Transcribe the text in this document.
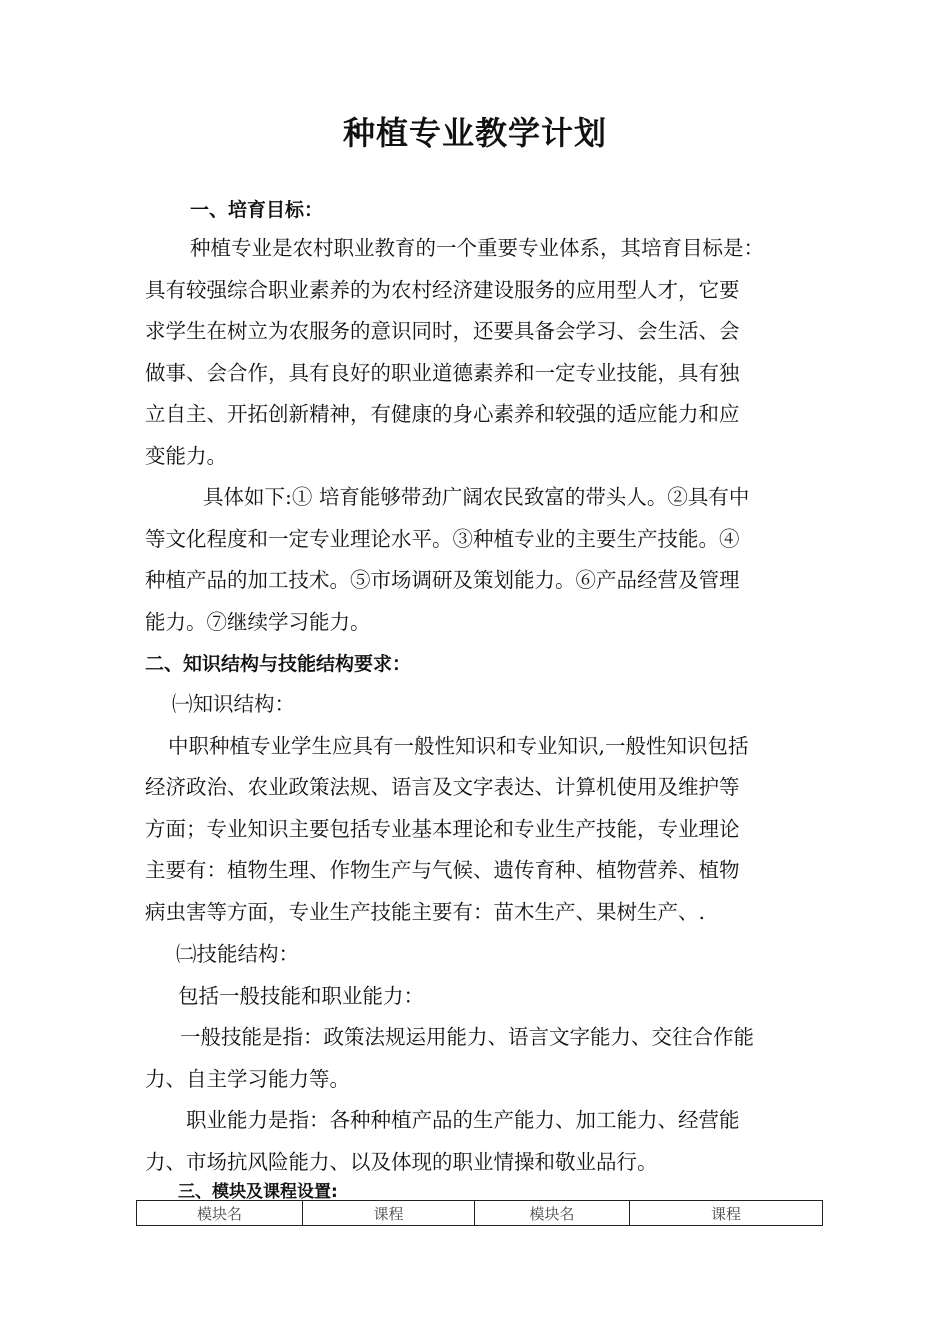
种植专业教学计划
一、培育目标：
种植专业是农村职业教育的一个重要专业体系，其培育目标是：
具有较强综合职业素养的为农村经济建设服务的应用型人才，它要
求学生在树立为农服务的意识同时，还要具备会学习、会生活、会
做事、会合作，具有良好的职业道德素养和一定专业技能，具有独
立自主、开拓创新精神，有健康的身心素养和较强的适应能力和应
变能力。
具体如下:① 培育能够带劲广阔农民致富的带头人。②具有中
等文化程度和一定专业理论水平。③种植专业的主要生产技能。④
种植产品的加工技术。⑤市场调研及策划能力。⑥产品经营及管理
能力。⑦继续学习能力。
二、知识结构与技能结构要求：
㈠知识结构：
中职种植专业学生应具有一般性知识和专业知识,一般性知识包括
经济政治、农业政策法规、语言及文字表达、计算机使用及维护等
方面；专业知识主要包括专业基本理论和专业生产技能，专业理论
主要有：植物生理、作物生产与气候、遗传育种、植物营养、植物
病虫害等方面，专业生产技能主要有：苗木生产、果树生产、.
㈡技能结构：
包括一般技能和职业能力：
一般技能是指：政策法规运用能力、语言文字能力、交往合作能
力、自主学习能力等。
职业能力是指：各种种植产品的生产能力、加工能力、经营能
力、市场抗风险能力、以及体现的职业情操和敬业品行。
三、模块及课程设置:
模块名	课程	模块名	课程
